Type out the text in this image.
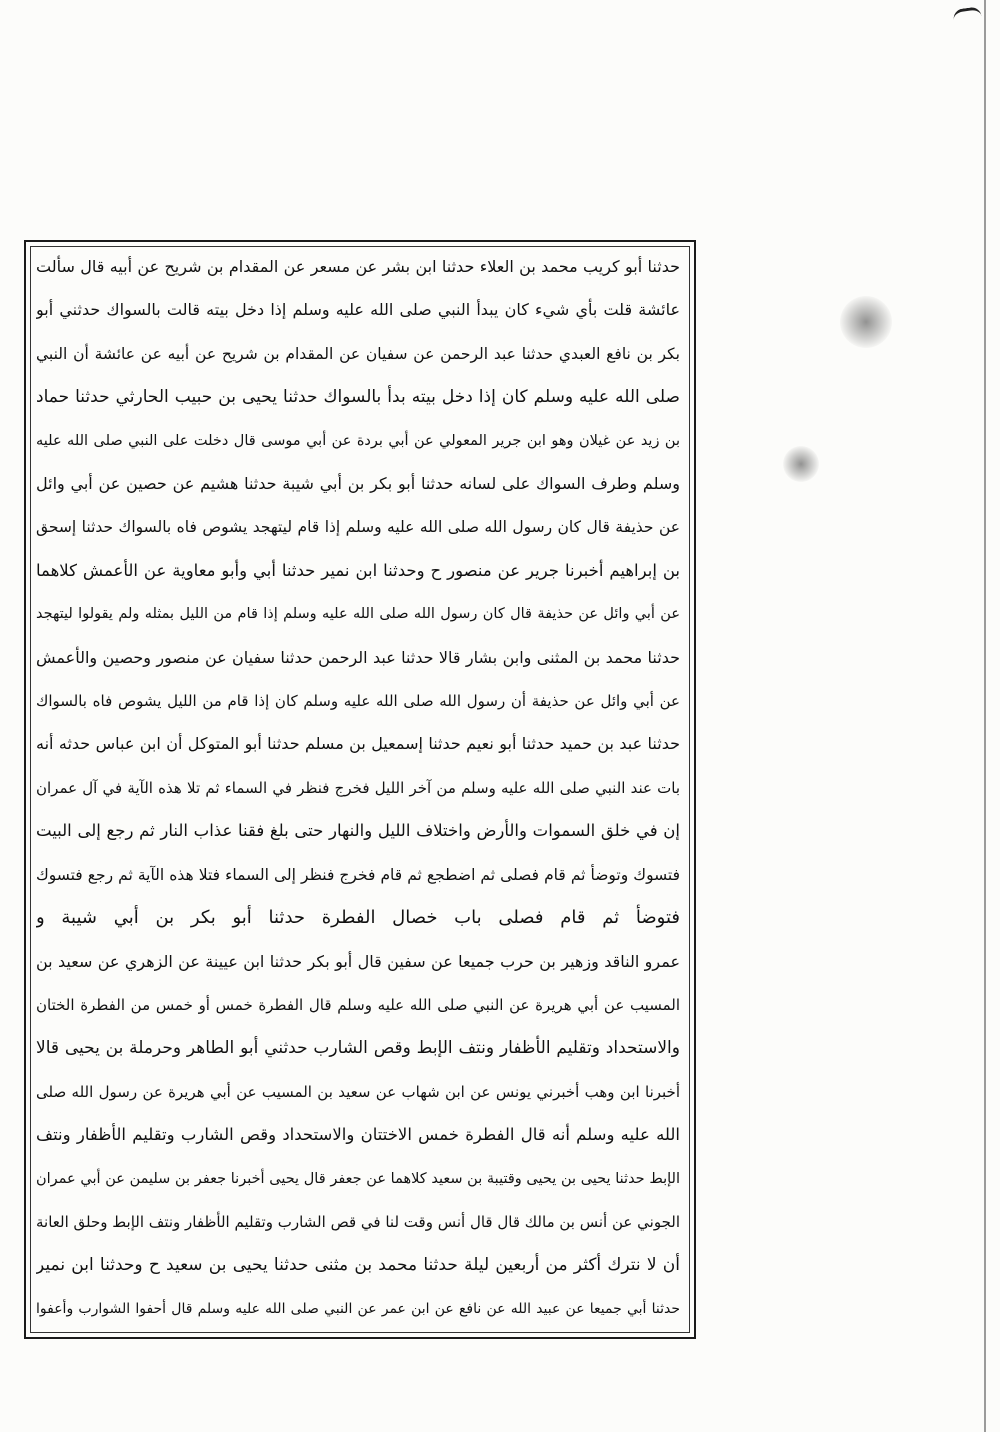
حدثنا أبو كريب محمد بن العلاء حدثنا ابن بشر عن مسعر عن المقدام بن شريح عن أبيه قال سألت
عائشة قلت بأي شيء كان يبدأ النبي صلى الله عليه وسلم إذا دخل بيته قالت بالسواك حدثني أبو
بكر بن نافع العبدي حدثنا عبد الرحمن عن سفيان عن المقدام بن شريح عن أبيه عن عائشة أن النبي
صلى الله عليه وسلم كان إذا دخل بيته بدأ بالسواك حدثنا يحيى بن حبيب الحارثي حدثنا حماد
بن زيد عن غيلان وهو ابن جرير المعولي عن أبي بردة عن أبي موسى قال دخلت على النبي صلى الله عليه
وسلم وطرف السواك على لسانه حدثنا أبو بكر بن أبي شيبة حدثنا هشيم عن حصين عن أبي وائل
عن حذيفة قال كان رسول الله صلى الله عليه وسلم إذا قام ليتهجد يشوص فاه بالسواك حدثنا إسحق
بن إبراهيم أخبرنا جرير عن منصور ح وحدثنا ابن نمير حدثنا أبي وأبو معاوية عن الأعمش كلاهما
عن أبي وائل عن حذيفة قال كان رسول الله صلى الله عليه وسلم إذا قام من الليل بمثله ولم يقولوا ليتهجد
حدثنا محمد بن المثنى وابن بشار قالا حدثنا عبد الرحمن حدثنا سفيان عن منصور وحصين والأعمش
عن أبي وائل عن حذيفة أن رسول الله صلى الله عليه وسلم كان إذا قام من الليل يشوص فاه بالسواك
حدثنا عبد بن حميد حدثنا أبو نعيم حدثنا إسمعيل بن مسلم حدثنا أبو المتوكل أن ابن عباس حدثه أنه
بات عند النبي صلى الله عليه وسلم من آخر الليل فخرج فنظر في السماء ثم تلا هذه الآية في آل عمران
إن في خلق السموات والأرض واختلاف الليل والنهار حتى بلغ فقنا عذاب النار ثم رجع إلى البيت
فتسوك وتوضأ ثم قام فصلى ثم اضطجع ثم قام فخرج فنظر إلى السماء فتلا هذه الآية ثم رجع فتسوك
فتوضأ ثم قام فصلى باب خصال الفطرة حدثنا أبو بكر بن أبي شيبة و
عمرو الناقد وزهير بن حرب جميعا عن سفين قال أبو بكر حدثنا ابن عيينة عن الزهري عن سعيد بن
المسيب عن أبي هريرة عن النبي صلى الله عليه وسلم قال الفطرة خمس أو خمس من الفطرة الختان
والاستحداد وتقليم الأظفار ونتف الإبط وقص الشارب حدثني أبو الطاهر وحرملة بن يحيى قالا
أخبرنا ابن وهب أخبرني يونس عن ابن شهاب عن سعيد بن المسيب عن أبي هريرة عن رسول الله صلى
الله عليه وسلم أنه قال الفطرة خمس الاختتان والاستحداد وقص الشارب وتقليم الأظفار ونتف
الإبط حدثنا يحيى بن يحيى وقتيبة بن سعيد كلاهما عن جعفر قال يحيى أخبرنا جعفر بن سليمن عن أبي عمران
الجوني عن أنس بن مالك قال قال أنس وقت لنا في قص الشارب وتقليم الأظفار ونتف الإبط وحلق العانة
أن لا نترك أكثر من أربعين ليلة حدثنا محمد بن مثنى حدثنا يحيى بن سعيد ح وحدثنا ابن نمير
حدثنا أبي جميعا عن عبيد الله عن نافع عن ابن عمر عن النبي صلى الله عليه وسلم قال أحفوا الشوارب وأعفوا
